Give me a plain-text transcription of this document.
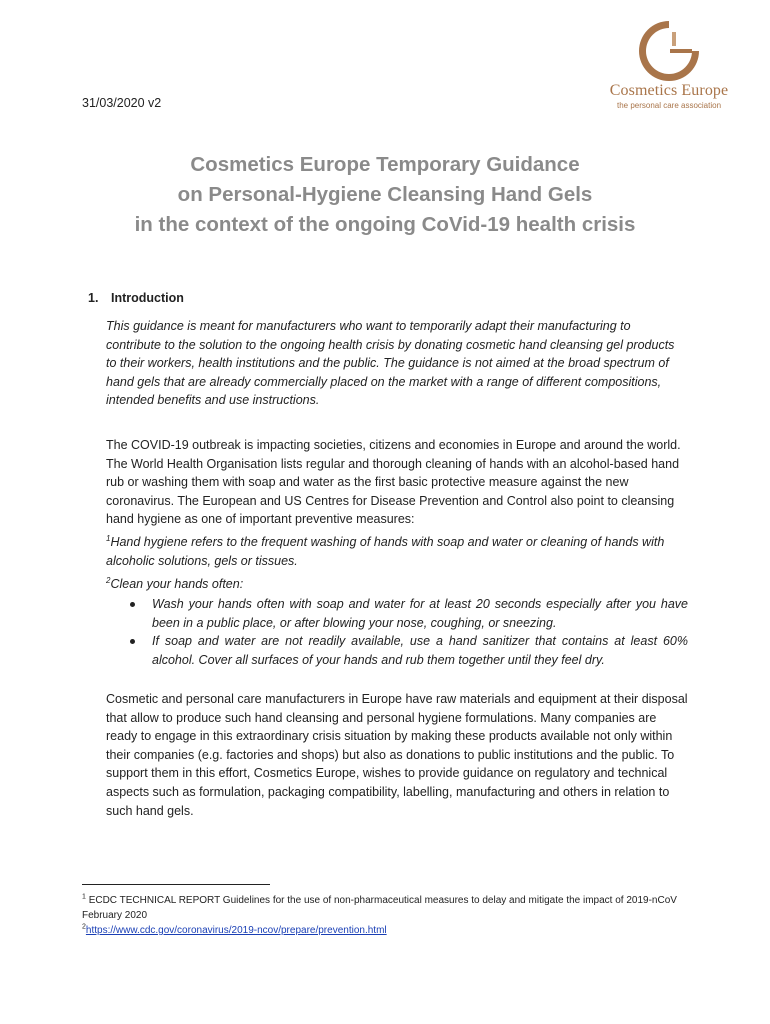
Cosmetics Europe
the personal care association
31/03/2020 v2
Cosmetics Europe Temporary Guidance
on Personal-Hygiene Cleansing Hand Gels
in the context of the ongoing CoVid-19 health crisis
1. Introduction
This guidance is meant for manufacturers who want to temporarily adapt their manufacturing to contribute to the solution to the ongoing health crisis by donating cosmetic hand cleansing gel products to their workers, health institutions and the public. The guidance is not aimed at the broad spectrum of hand gels that are already commercially placed on the market with a range of different compositions, intended benefits and use instructions.
The COVID-19 outbreak is impacting societies, citizens and economies in Europe and around the world. The World Health Organisation lists regular and thorough cleaning of hands with an alcohol-based hand rub or washing them with soap and water as the first basic protective measure against the new coronavirus. The European and US Centres for Disease Prevention and Control also point to cleansing hand hygiene as one of important preventive measures:
$^1$Hand hygiene refers to the frequent washing of hands with soap and water or cleaning of hands with alcoholic solutions, gels or tissues.
$^2$Clean your hands often:
Wash your hands often with soap and water for at least 20 seconds especially after you have been in a public place, or after blowing your nose, coughing, or sneezing.
If soap and water are not readily available, use a hand sanitizer that contains at least 60% alcohol. Cover all surfaces of your hands and rub them together until they feel dry.
Cosmetic and personal care manufacturers in Europe have raw materials and equipment at their disposal that allow to produce such hand cleansing and personal hygiene formulations. Many companies are ready to engage in this extraordinary crisis situation by making these products available not only within their companies (e.g. factories and shops) but also as donations to public institutions and the public. To support them in this effort, Cosmetics Europe, wishes to provide guidance on regulatory and technical aspects such as formulation, packaging compatibility, labelling, manufacturing and others in relation to such hand gels.
$^1$ ECDC TECHNICAL REPORT Guidelines for the use of non-pharmaceutical measures to delay and mitigate the impact of 2019-nCoV February 2020
$^2$https://www.cdc.gov/coronavirus/2019-ncov/prepare/prevention.html
